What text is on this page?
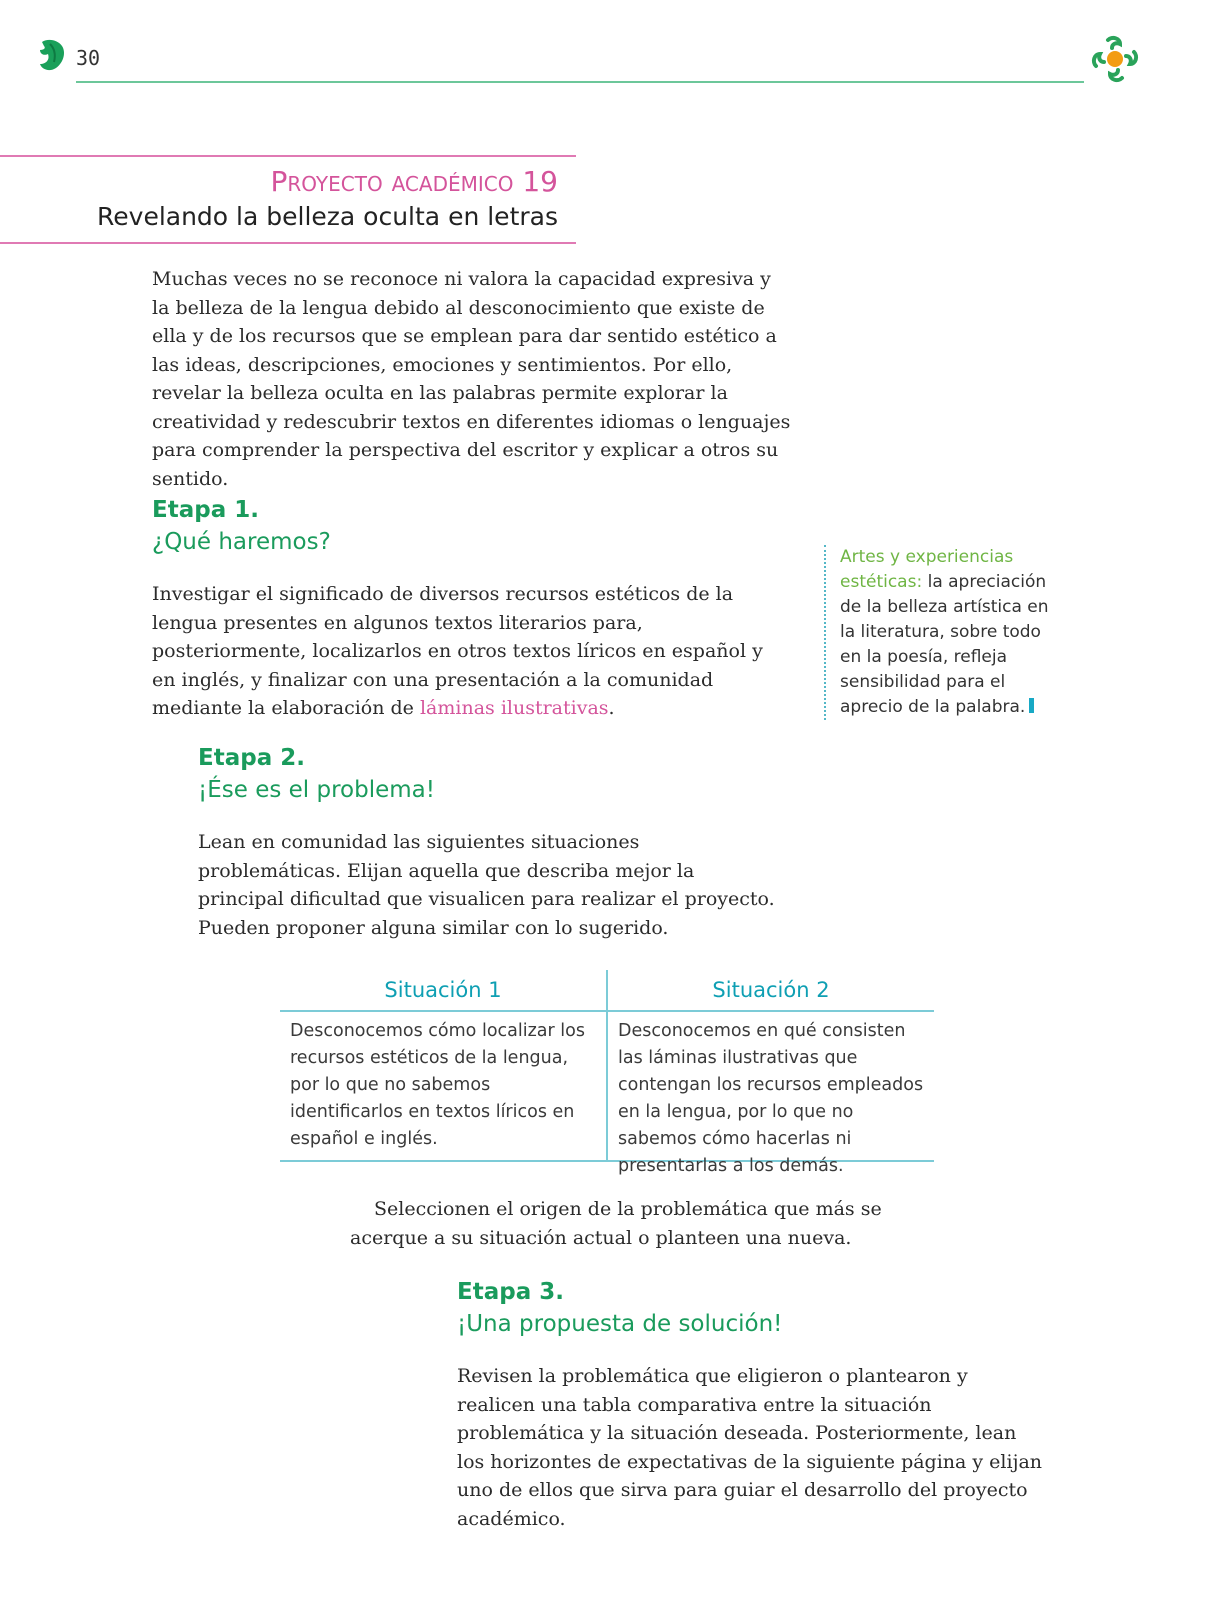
30
Proyecto académico 19
Revelando la belleza oculta en letras

Muchas veces no se reconoce ni valora la capacidad expresiva y la belleza de la lengua debido al desconocimiento que existe de ella y de los recursos que se emplean para dar sentido estético a las ideas, descripciones, emociones y sentimientos. Por ello, revelar la belleza oculta en las palabras permite explorar la creatividad y redescubrir textos en diferentes idiomas o lenguajes para comprender la perspectiva del escritor y explicar a otros su sentido.

Etapa 1.
¿Qué haremos?

Investigar el significado de diversos recursos estéticos de la lengua presentes en algunos textos literarios para, posteriormente, localizarlos en otros textos líricos en español y en inglés, y finalizar con una presentación a la comunidad mediante la elaboración de láminas ilustrativas.

Artes y experiencias estéticas: la apreciación de la belleza artística en la literatura, sobre todo en la poesía, refleja sensibilidad para el aprecio de la palabra.
Etapa 2.
¡Ése es el problema!

Lean en comunidad las siguientes situaciones problemáticas. Elijan aquella que describa mejor la principal dificultad que visualicen para realizar el proyecto. Pueden proponer alguna similar con lo sugerido.

Situación 1	Situación 2
Desconocemos cómo localizar los recursos estéticos de la lengua, por lo que no sabemos identificarlos en textos líricos en español e inglés.
Desconocemos en qué consisten las láminas ilustrativas que contengan los recursos empleados en la lengua, por lo que no sabemos cómo hacerlas ni presentarlas a los demás.

Seleccionen el origen de la problemática que más se acerque a su situación actual o planteen una nueva.

Etapa 3.
¡Una propuesta de solución!

Revisen la problemática que eligieron o plantearon y realicen una tabla comparativa entre la situación problemática y la situación deseada. Posteriormente, lean los horizontes de expectativas de la siguiente página y elijan uno de ellos que sirva para guiar el desarrollo del proyecto académico.
